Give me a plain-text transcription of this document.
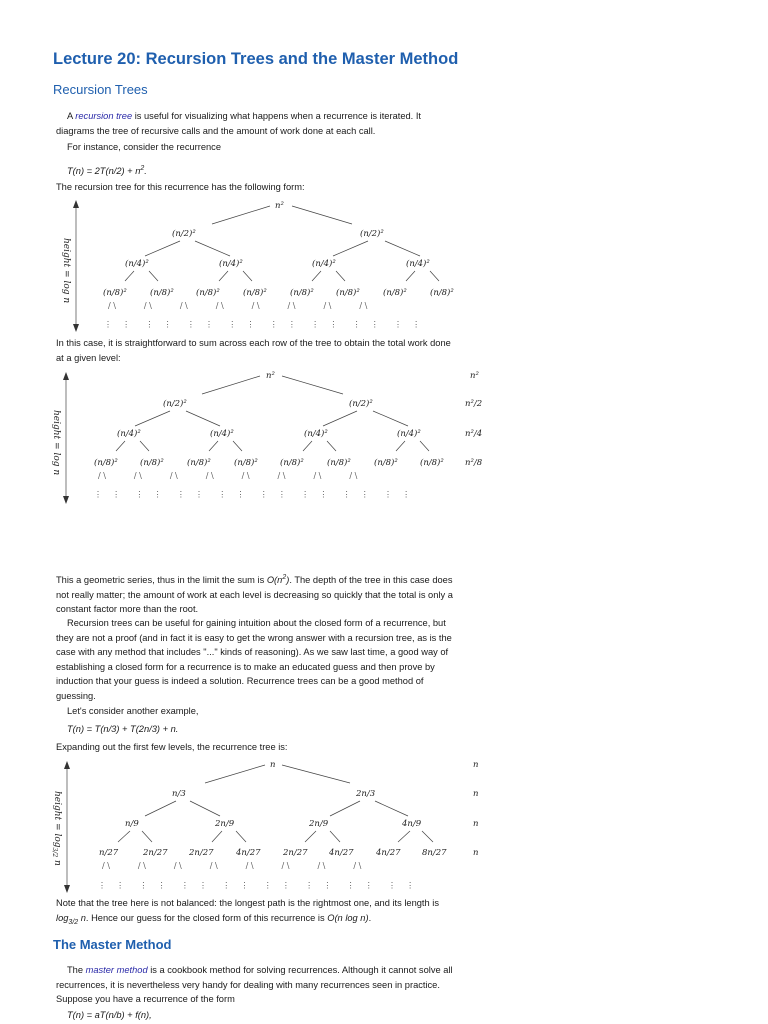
Lecture 20: Recursion Trees and the Master Method
Recursion Trees

A recursion tree is useful for visualizing what happens when a recurrence is iterated. It diagrams the tree of recursive calls and the amount of work done at each call.

For instance, consider the recurrence

$T(n) = 2T(n/2) + n^2$.

The recursion tree for this recurrence has the following form:

height = log n
n²
(n/2)²	(n/2)²
(n/4)²	(n/4)²	(n/4)²	(n/4)²
(n/8)²	(n/8)²	(n/8)²	(n/8)²	(n/8)²	(n/8)²	(n/8)²	(n/8)²
/ \           / \           / \           / \           / \           / \           / \           / \
⋮    ⋮      ⋮    ⋮      ⋮    ⋮      ⋮    ⋮      ⋮    ⋮      ⋮    ⋮      ⋮    ⋮      ⋮    ⋮

In this case, it is straightforward to sum across each row of the tree to obtain the total work done at a given level:

height = log n
n²
(n/2)²	(n/2)²
(n/4)²	(n/4)²	(n/4)²	(n/4)²
(n/8)²	(n/8)²	(n/8)²	(n/8)²	(n/8)²	(n/8)²	(n/8)²	(n/8)²
/ \           / \           / \           / \           / \           / \           / \           / \
⋮    ⋮      ⋮    ⋮      ⋮    ⋮      ⋮    ⋮      ⋮    ⋮      ⋮    ⋮      ⋮    ⋮      ⋮    ⋮
n²
n²/2
n²/4
n²/8

This a geometric series, thus in the limit the sum is $O(n^2)$. The depth of the tree in this case does not really matter; the amount of work at each level is decreasing so quickly that the total is only a constant factor more than the root.

Recursion trees can be useful for gaining intuition about the closed form of a recurrence, but they are not a proof (and in fact it is easy to get the wrong answer with a recursion tree, as is the case with any method that includes "..." kinds of reasoning). As we saw last time, a good way of establishing a closed form for a recurrence is to make an educated guess and then prove by induction that your guess is indeed a solution. Recurrence trees can be a good method of guessing.

Let's consider another example,

T(n) = T(n/3) + T(2n/3) + n.

Expanding out the first few levels, the recurrence tree is:

height = $\log_{3/2} n$
n
n/3	2n/3
n/9	2n/9	2n/9	4n/9
n/27	2n/27	2n/27	4n/27	2n/27	4n/27	4n/27	8n/27
/ \           / \           / \           / \           / \           / \           / \           / \
⋮    ⋮      ⋮    ⋮      ⋮    ⋮      ⋮    ⋮      ⋮    ⋮      ⋮    ⋮      ⋮    ⋮      ⋮    ⋮
n
n
n
n

Note that the tree here is not balanced: the longest path is the rightmost one, and its length is $\log_{3/2} n$. Hence our guess for the closed form of this recurrence is O(n log n).

The Master Method

The master method is a cookbook method for solving recurrences. Although it cannot solve all recurrences, it is nevertheless very handy for dealing with many recurrences seen in practice. Suppose you have a recurrence of the form

T(n) = aT(n/b) + f(n),
